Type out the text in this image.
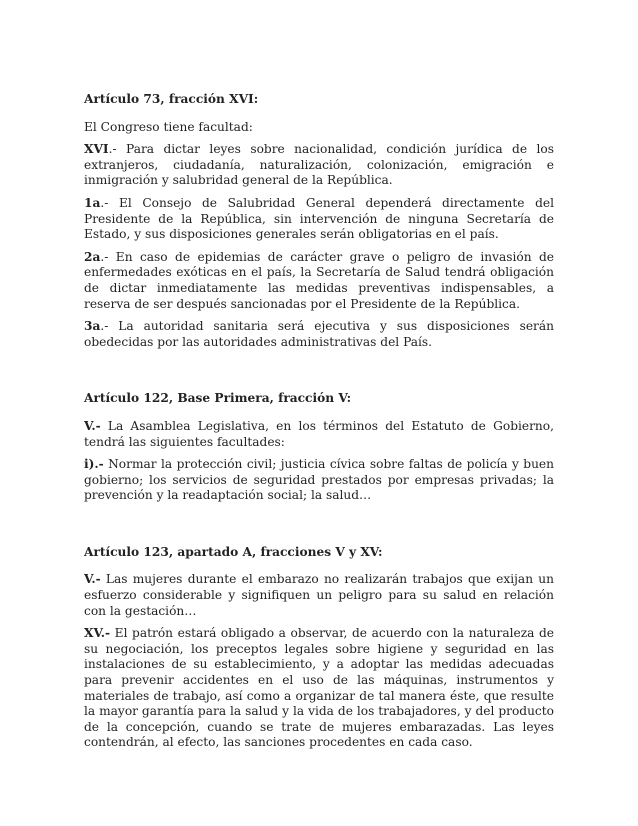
Artículo 73, fracción XVI:

El Congreso tiene facultad:

XVI.- Para dictar leyes sobre nacionalidad, condición jurídica de los extranjeros, ciudadanía, naturalización, colonización, emigración e inmigración y salubridad general de la República.

1a.- El Consejo de Salubridad General dependerá directamente del Presidente de la República, sin intervención de ninguna Secretaría de Estado, y sus disposiciones generales serán obligatorias en el país.

2a.- En caso de epidemias de carácter grave o peligro de invasión de enfermedades exóticas en el país, la Secretaría de Salud tendrá obligación de dictar inmediatamente las medidas preventivas indispensables, a reserva de ser después sancionadas por el Presidente de la República.

3a.- La autoridad sanitaria será ejecutiva y sus disposiciones serán obedecidas por las autoridades administrativas del País.

Artículo 122, Base Primera, fracción V:

V.- La Asamblea Legislativa, en los términos del Estatuto de Gobierno, tendrá las siguientes facultades:

i).- Normar la protección civil; justicia cívica sobre faltas de policía y buen gobierno; los servicios de seguridad prestados por empresas privadas; la prevención y la readaptación social; la salud…

Artículo 123, apartado A, fracciones V y XV:

V.- Las mujeres durante el embarazo no realizarán trabajos que exijan un esfuerzo considerable y signifiquen un peligro para su salud en relación con la gestación…

XV.- El patrón estará obligado a observar, de acuerdo con la naturaleza de su negociación, los preceptos legales sobre higiene y seguridad en las instalaciones de su establecimiento, y a adoptar las medidas adecuadas para prevenir accidentes en el uso de las máquinas, instrumentos y materiales de trabajo, así como a organizar de tal manera éste, que resulte la mayor garantía para la salud y la vida de los trabajadores, y del producto de la concepción, cuando se trate de mujeres embarazadas. Las leyes contendrán, al efecto, las sanciones procedentes en cada caso.
